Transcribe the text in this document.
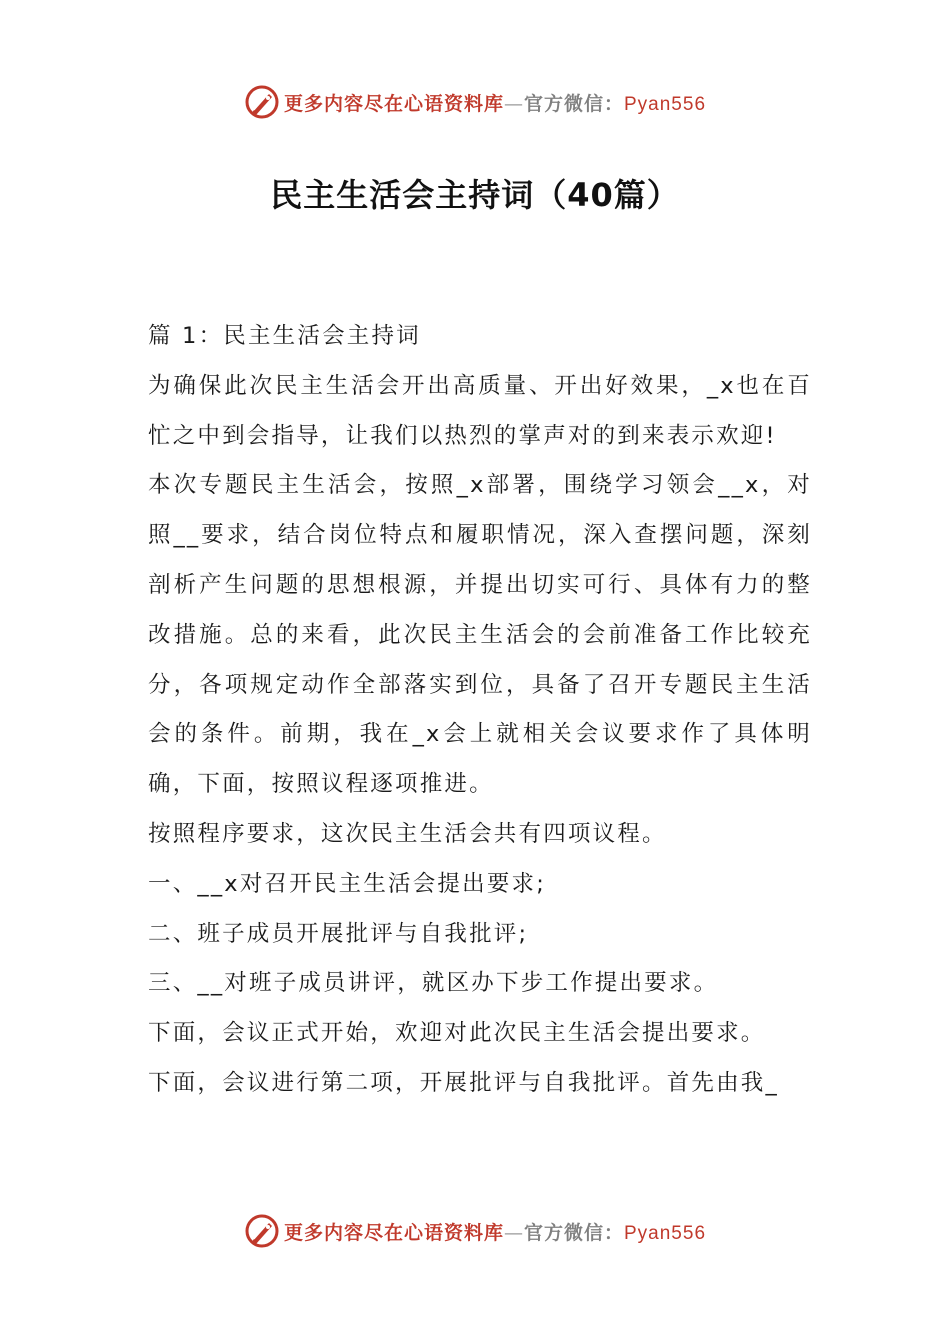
更多内容尽在心语资料库—官方微信：Pyan556
民主生活会主持词（40篇）

篇 1：民主生活会主持词

为确保此次民主生活会开出高质量、开出好效果，_x也在百忙之中到会指导，让我们以热烈的掌声对的到来表示欢迎!

本次专题民主生活会，按照_x部署，围绕学习领会__x，对照__要求，结合岗位特点和履职情况，深入查摆问题，深刻剖析产生问题的思想根源，并提出切实可行、具体有力的整改措施。总的来看，此次民主生活会的会前准备工作比较充分，各项规定动作全部落实到位，具备了召开专题民主生活会的条件。前期，我在_x会上就相关会议要求作了具体明确，下面，按照议程逐项推进。

按照程序要求，这次民主生活会共有四项议程。

一、__x对召开民主生活会提出要求;

二、班子成员开展批评与自我批评;

三、__对班子成员讲评，就区办下步工作提出要求。

下面，会议正式开始，欢迎对此次民主生活会提出要求。

下面，会议进行第二项，开展批评与自我批评。首先由我_

更多内容尽在心语资料库—官方微信：Pyan556
